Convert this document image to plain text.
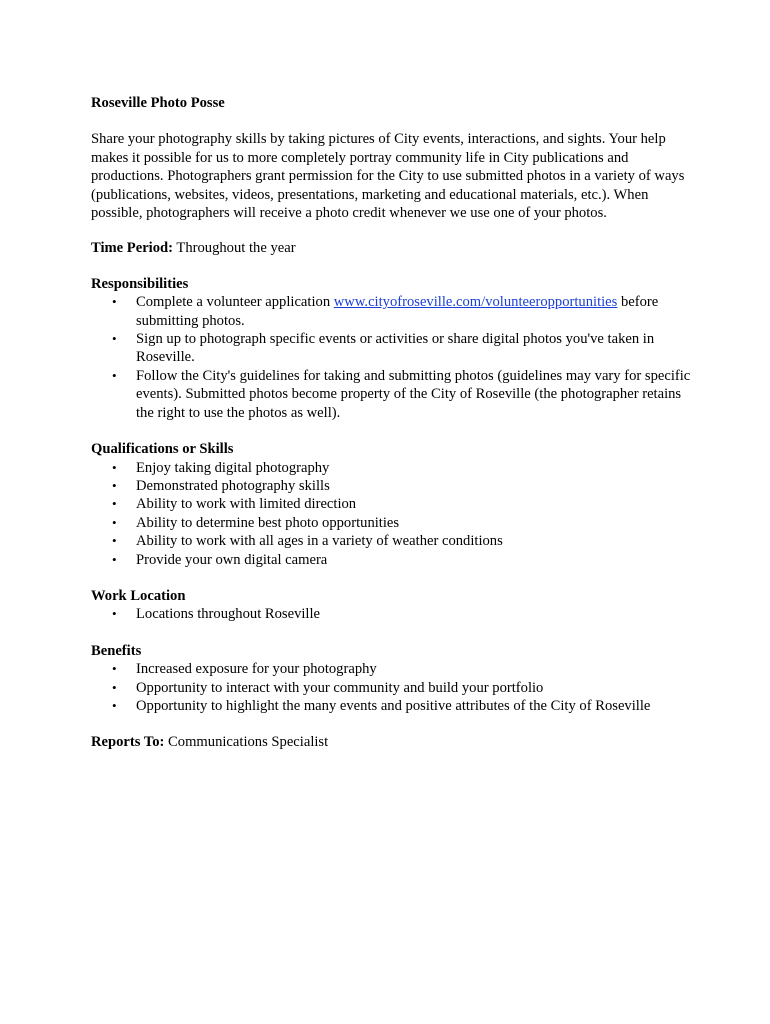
Roseville Photo Posse
Share your photography skills by taking pictures of City events, interactions, and sights. Your help makes it possible for us to more completely portray community life in City publications and productions. Photographers grant permission for the City to use submitted photos in a variety of ways (publications, websites, videos, presentations, marketing and educational materials, etc.). When possible, photographers will receive a photo credit whenever we use one of your photos.
Time Period: Throughout the year
Responsibilities
• Complete a volunteer application www.cityofroseville.com/volunteeropportunities before submitting photos.
• Sign up to photograph specific events or activities or share digital photos you've taken in Roseville.
• Follow the City's guidelines for taking and submitting photos (guidelines may vary for specific events). Submitted photos become property of the City of Roseville (the photographer retains the right to use the photos as well).
Qualifications or Skills
• Enjoy taking digital photography
• Demonstrated photography skills
• Ability to work with limited direction
• Ability to determine best photo opportunities
• Ability to work with all ages in a variety of weather conditions
• Provide your own digital camera
Work Location
• Locations throughout Roseville
Benefits
• Increased exposure for your photography
• Opportunity to interact with your community and build your portfolio
• Opportunity to highlight the many events and positive attributes of the City of Roseville
Reports To: Communications Specialist
